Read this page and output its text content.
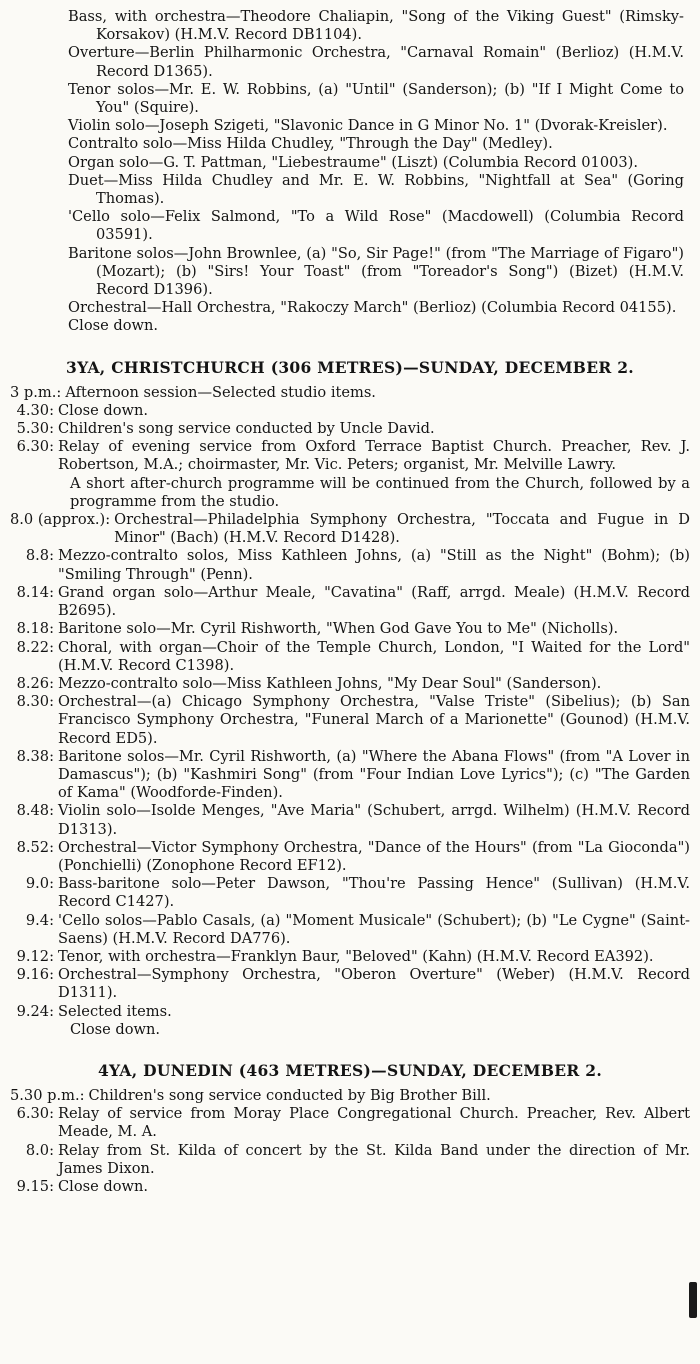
Bass, with orchestra—Theodore Chaliapin, "Song of the Viking Guest" (Rimsky-Korsakov) (H.M.V. Record DB1104).
Overture—Berlin Philharmonic Orchestra, "Carnaval Romain" (Berlioz) (H.M.V. Record D1365).
Tenor solos—Mr. E. W. Robbins, (a) "Until" (Sanderson); (b) "If I Might Come to You" (Squire).
Violin solo—Joseph Szigeti, "Slavonic Dance in G Minor No. 1" (Dvorak-Kreisler).
Contralto solo—Miss Hilda Chudley, "Through the Day" (Medley).
Organ solo—G. T. Pattman, "Liebestraume" (Liszt) (Columbia Record 01003).
Duet—Miss Hilda Chudley and Mr. E. W. Robbins, "Nightfall at Sea" (Goring Thomas).
'Cello solo—Felix Salmond, "To a Wild Rose" (Macdowell) (Columbia Record 03591).
Baritone solos—John Brownlee, (a) "So, Sir Page!" (from "The Marriage of Figaro") (Mozart); (b) "Sirs! Your Toast" (from "Toreador's Song") (Bizet) (H.M.V. Record D1396).
Orchestral—Hall Orchestra, "Rakoczy March" (Berlioz) (Columbia Record 04155).
Close down.
3YA, CHRISTCHURCH (306 METRES)—SUNDAY, DECEMBER 2.
3 p.m.: Afternoon session—Selected studio items.
4.30: Close down.
5.30: Children's song service conducted by Uncle David.
6.30: Relay of evening service from Oxford Terrace Baptist Church. Preacher, Rev. J. Robertson, M.A.; choirmaster, Mr. Vic. Peters; organist, Mr. Melville Lawry.
A short after-church programme will be continued from the Church, followed by a programme from the studio.
8.0 (approx.): Orchestral—Philadelphia Symphony Orchestra, "Toccata and Fugue in D Minor" (Bach) (H.M.V. Record D1428).
8.8: Mezzo-contralto solos, Miss Kathleen Johns, (a) "Still as the Night" (Bohm); (b) "Smiling Through" (Penn).
8.14: Grand organ solo—Arthur Meale, "Cavatina" (Raff, arrgd. Meale) (H.M.V. Record B2695).
8.18: Baritone solo—Mr. Cyril Rishworth, "When God Gave You to Me" (Nicholls).
8.22: Choral, with organ—Choir of the Temple Church, London, "I Waited for the Lord" (H.M.V. Record C1398).
8.26: Mezzo-contralto solo—Miss Kathleen Johns, "My Dear Soul" (Sanderson).
8.30: Orchestral—(a) Chicago Symphony Orchestra, "Valse Triste" (Sibelius); (b) San Francisco Symphony Orchestra, "Funeral March of a Marionette" (Gounod) (H.M.V. Record ED5).
8.38: Baritone solos—Mr. Cyril Rishworth, (a) "Where the Abana Flows" (from "A Lover in Damascus"); (b) "Kashmiri Song" (from "Four Indian Love Lyrics"); (c) "The Garden of Kama" (Woodforde-Finden).
8.48: Violin solo—Isolde Menges, "Ave Maria" (Schubert, arrgd. Wilhelm) (H.M.V. Record D1313).
8.52: Orchestral—Victor Symphony Orchestra, "Dance of the Hours" (from "La Gioconda") (Ponchielli) (Zonophone Record EF12).
9.0: Bass-baritone solo—Peter Dawson, "Thou're Passing Hence" (Sullivan) (H.M.V. Record C1427).
9.4: 'Cello solos—Pablo Casals, (a) "Moment Musicale" (Schubert); (b) "Le Cygne" (Saint-Saens) (H.M.V. Record DA776).
9.12: Tenor, with orchestra—Franklyn Baur, "Beloved" (Kahn) (H.M.V. Record EA392).
9.16: Orchestral—Symphony Orchestra, "Oberon Overture" (Weber) (H.M.V. Record D1311).
9.24: Selected items.
Close down.
4YA, DUNEDIN (463 METRES)—SUNDAY, DECEMBER 2.
5.30 p.m.: Children's song service conducted by Big Brother Bill.
6.30: Relay of service from Moray Place Congregational Church. Preacher, Rev. Albert Meade, M. A.
8.0: Relay from St. Kilda of concert by the St. Kilda Band under the direction of Mr. James Dixon.
9.15: Close down.
